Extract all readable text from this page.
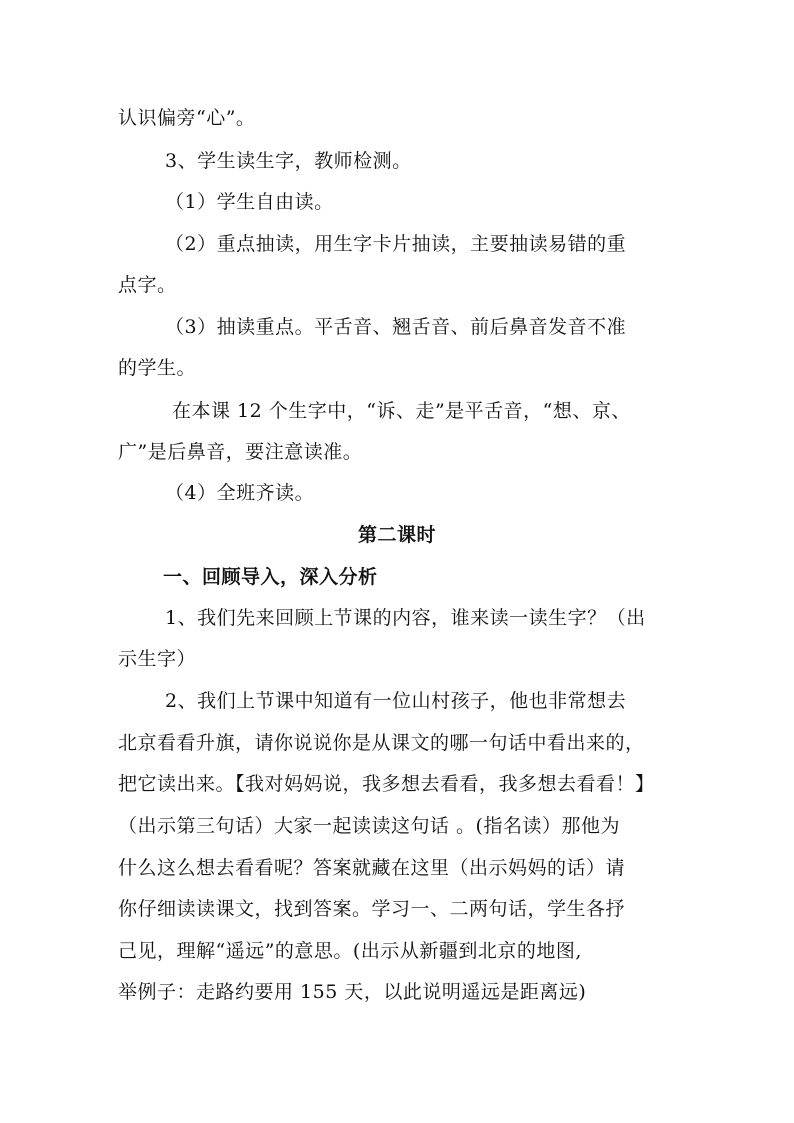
认识偏旁“心”。
3、学生读生字，教师检测。
（1）学生自由读。
（2）重点抽读，用生字卡片抽读，主要抽读易错的重
点字。
（3）抽读重点。平舌音、翘舌音、前后鼻音发音不准
的学生。
在本课 12 个生字中，“诉、走”是平舌音，“想、京、
广”是后鼻音，要注意读准。
（4）全班齐读。
第二课时
一、回顾导入，深入分析
1、我们先来回顾上节课的内容，谁来读一读生字？（出
示生字）
2、我们上节课中知道有一位山村孩子，他也非常想去
北京看看升旗，请你说说你是从课文的哪一句话中看出来的，
把它读出来。【我对妈妈说，我多想去看看，我多想去看看！】
（出示第三句话）大家一起读读这句话 。(指名读）那他为
什么这么想去看看呢？答案就藏在这里（出示妈妈的话）请
你仔细读读课文，找到答案。学习一、二两句话，学生各抒
己见，理解“遥远”的意思。(出示从新疆到北京的地图,
举例子：走路约要用 155 天，以此说明遥远是距离远)
